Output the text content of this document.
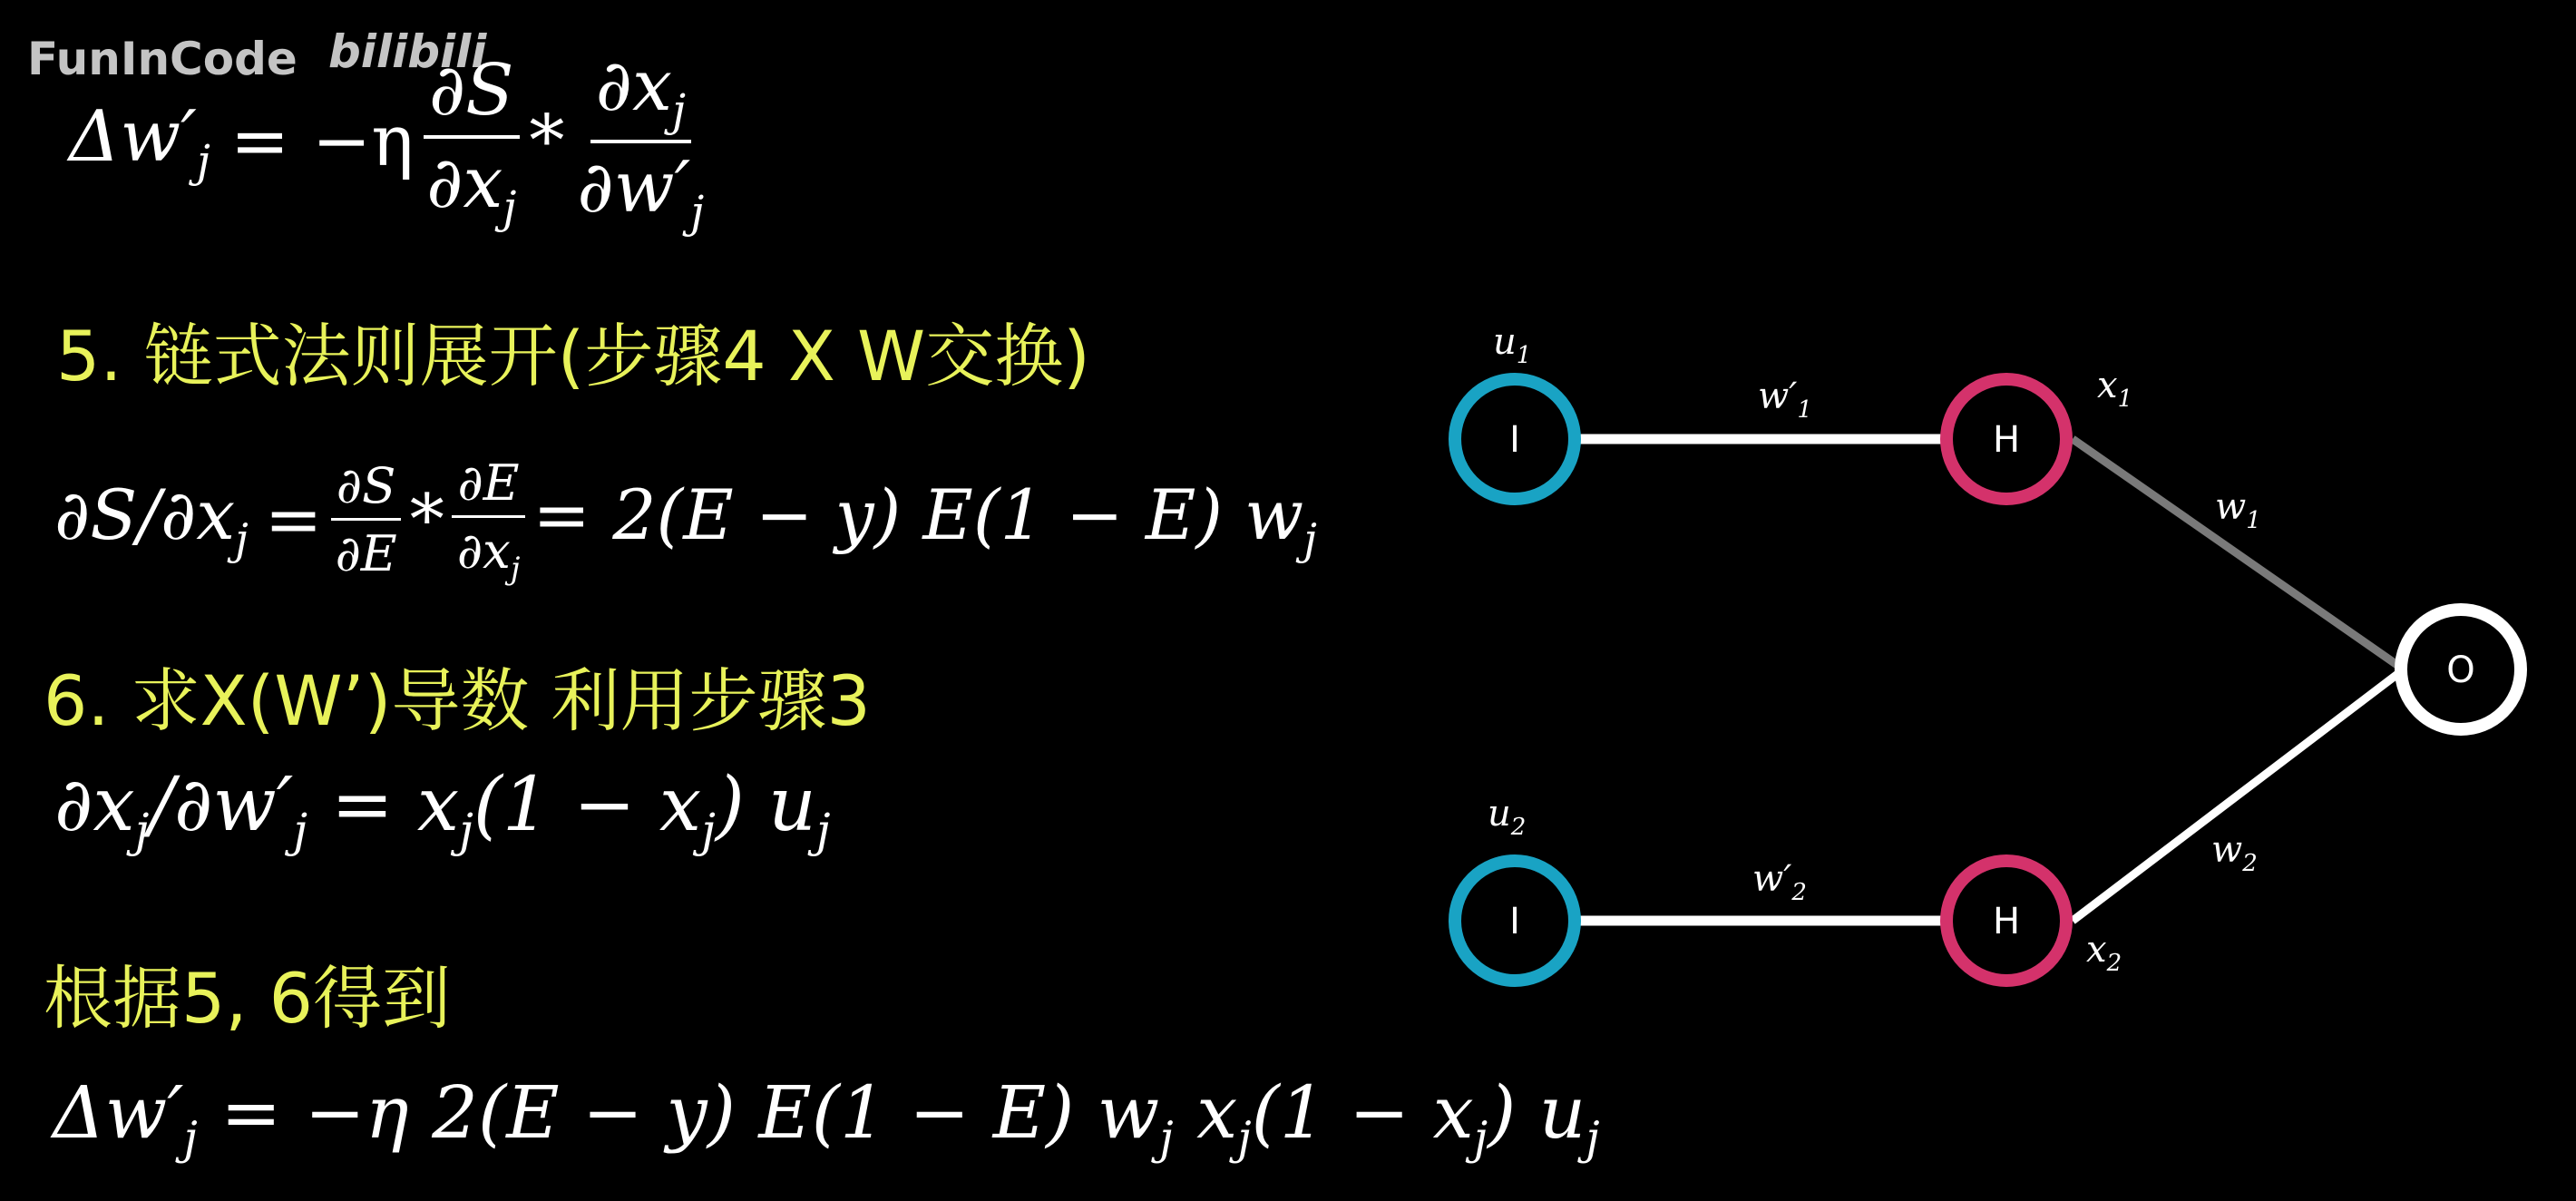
FunInCode bilibili
$\Delta w'_j = -\eta \frac{\partial S}{\partial x_j} * \frac{\partial x_j}{\partial w'_j}$
5. 链式法则展开(步骤4 X W交换)
$\partial S/\partial x_j = \frac{\partial S}{\partial E} * \frac{\partial E}{\partial x_j} = 2(E - y) E(1 - E)$ $w_j$
6. 求X(W’)导数 利用步骤3
$\partial x_j/\partial w'_j = x_j(1 - x_j)$ $u_j$
根据5, 6得到
$\Delta w'_j = -\eta$ 2(E − y) E(1 − E) $w_j$ $x_j(1 - x_j)$ $u_j$
I
I
H
H
O
$u_1$
$u_2$
$w'_1$
$w'_2$
$x_1$
$x_2$
$w_1$
$w_2$
